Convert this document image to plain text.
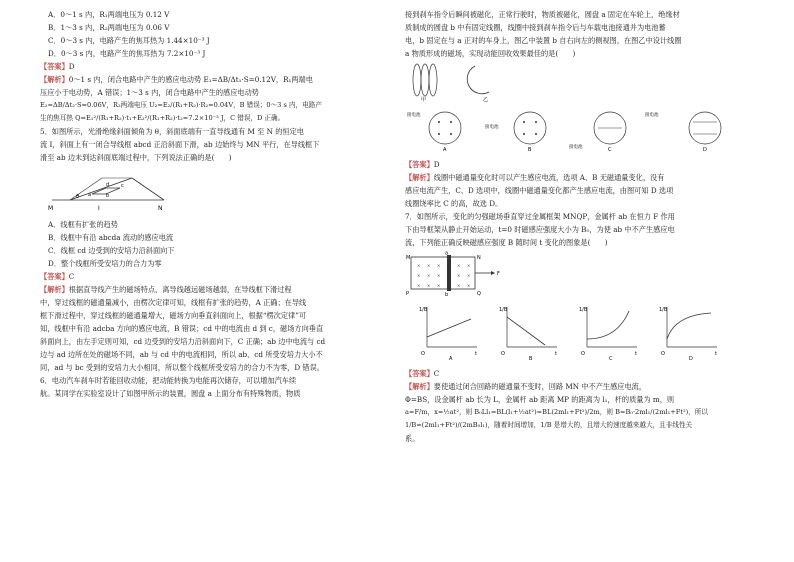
A．0～1 s 内，R₁两端电压为 0.12 V
B．1～3 s 内，R₂两端电压为 0.06 V
C．0～3 s 内，电路产生的焦耳热为 1.44×10⁻³ J
D．0～3 s 内，电路产生的焦耳热为 7.2×10⁻³ J
【答案】D
【解析】0～1 s 内，闭合电路中产生的感应电动势 E₁=ΔB/Δt₁·S=0.12V，R₁两端电
压应小于电动势，A 错误；1～3 s 内，闭合电路中产生的感应电动势
E₂=ΔB/Δt₂·S=0.06V，R₂两端电压 U₂=E₂/(R₁+R₂)·R₂=0.04V，B 错误；0～3 s 内，电路产
生的焦耳热 Q=E₁²/(R₁+R₂)·t₁+E₂²/(R₁+R₂)·t₂=7.2×10⁻³ J，C 错误，D 正确。
5．如图所示，光滑绝缘斜面倾角为 θ，斜面底端有一直导线通有 M 至 N 的恒定电
流 I，斜面上有一闭合导线框 abcd 正沿斜面下滑，ab 边始终与 MN 平行，在导线框下
滑至 ab 边未到达斜面底端过程中，下列说法正确的是(　　)
M	I	N
a	b
c
d
θ
A．线框有扩张的趋势
B．线框中有沿 abcda 流动的感应电流
C．线框 cd 边受到的安培力沿斜面向下
D．整个线框所受安培力的合力为零
【答案】C
【解析】根据直导线产生的磁场特点，离导线越远磁场越弱，在导线框下滑过程
中，穿过线框的磁通量减小，由楞次定律可知，线框有扩张的趋势，A 正确；在导线
框下滑过程中，穿过线框的磁通量增大，磁场方向垂直斜面向上，根据“楞次定律”可
知，线框中有沿 adcba 方向的感应电流，B 错误；cd 中的电流由 d 到 c，磁场方向垂直
斜面向上，由左手定则可知，cd 边受到的安培力沿斜面向下，C 正确；ab 边中电流与 cd
边与 ad 边所在处的磁场不同，ab 与 cd 中的电流相同，所以 ab、cd 所受安培力大小不
同，ad 与 bc 受到的安培力大小相同，所以整个线框所受安培力的合力不为零，D 错误。
6．电动汽车刹车时若能回收动能，把动能转换为电能再次储存，可以增加汽车续
航。某同学在实验室设计了如图甲所示的装置，圆盘 a 上面分布有特殊物质，物质
接到刹车指令后瞬间被磁化，正常行驶时，物质被磁化，圆盘 a 固定在车轮上，绝缘材
质制成的圆盘 b 中有固定线圈，线圈中接到刹车指令后与车载电池接通并为电池蓄
电，b 固定在与 a 正对的车身上，图乙中装置 b 自右向左的侧视图，在图乙中设计线圈
a 物质形成的磁场，实现动能回收效果最佳的是(　　)
甲	乙
接电池
A
接电池
B	接电池	C
接电池
D
【答案】D
【解析】线圈中磁通量变化时可以产生感应电流，选项 A、B 无磁通量变化，没有
感应电流产生，C、D 选项中，线圈中磁通量变化都产生感应电流，由图可知 D 选项
线圈饶率比 C 的高，故选 D。
7．如图所示，变化的匀强磁场垂直穿过金属框架 MNQP，金属杆 ab 在恒力 F 作用
下由导框架从静止开始运动，t=0 时磁感应强度大小为 B₀，为使 ab 中不产生感应电
流，下列能正确反映磁感应强度 B 随时间 t 变化的图象是(　　)
× × ×
× × ×
× × ×
× ×
× ×
× ×
M	N
P	Q
a
b
F
1/B
t
O
A
1/B
t
O
B
1/B
t
O
C
1/B
t
O
D
【答案】C
【解析】要使通过闭合回路的磁通量不变时，回路 MN 中不产生感应电流，
Φ=BS，设金属杆 ab 长为 L，金属杆 ab 距离 MP 的距离为 l₁，杆的质量为 m，则
a=F/m，x=½at²，则 B₀Ll₁=BL(l₁+½at²)=BL(2ml₁+Ft²)/2m，则 B=B₀·2ml₁/(2ml₁+Ft²)，所以
1/B=(2ml₁+Ft²)/(2mB₀l₁)，随着时间增加，1/B 是增大的，且增大的速度越来越大，且非线性关
系。
